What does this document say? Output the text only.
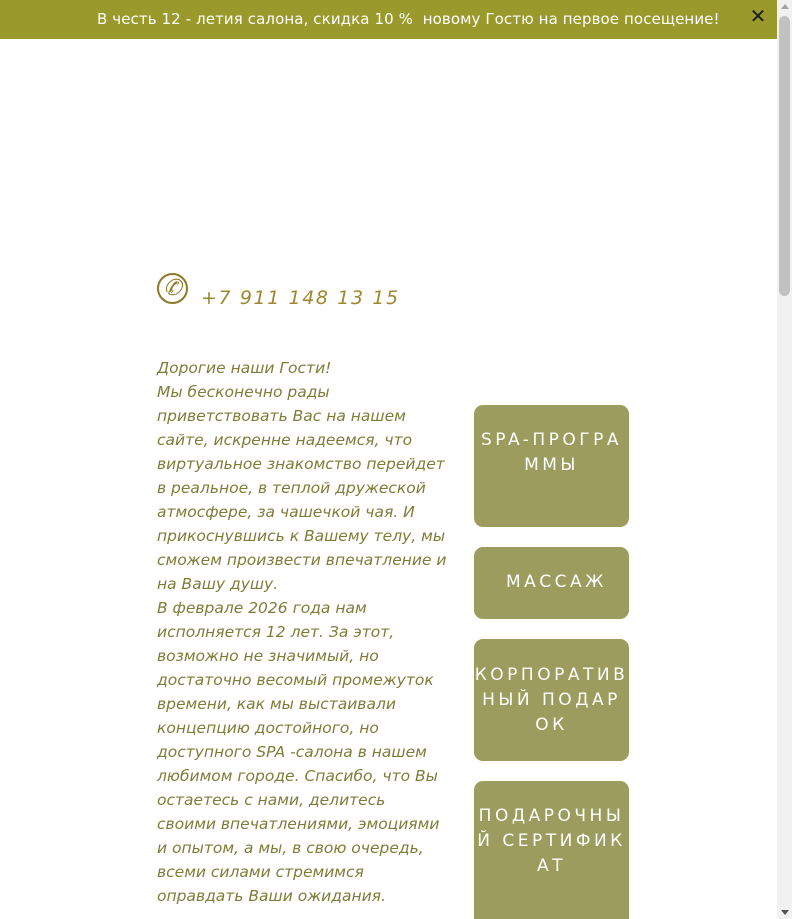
В честь 12 - летия салона, скидка 10 %  новому Гостю на первое посещение! ✕
✆	+7 911 148 13 15

Дорогие наши Гости!

Мы бесконечно рады приветствовать Вас на нашем сайте, искренне надеемся, что виртуальное знакомство перейдет в реальное, в теплой дружеской атмосфере, за чашечкой чая. И прикоснувшись к Вашему телу, мы сможем произвести впечатление и на Вашу душу.

В феврале 2026 года нам исполняется 12 лет. За этот, возможно не значимый, но достаточно весомый промежуток времени, как мы выстаивали концепцию достойного, но доступного SPA -салона в нашем любимом городе. Спасибо, что Вы остаетесь с нами, делитесь своими впечатлениями, эмоциями и опытом, а мы, в свою очередь, всеми силами стремимся оправдать Ваши ожидания.

SPA-ПРОГРАММЫ
МАССАЖ
КОРПОРАТИВНЫЙ ПОДАРОК
ПОДАРОЧНЫЙ СЕРТИФИКАТ
